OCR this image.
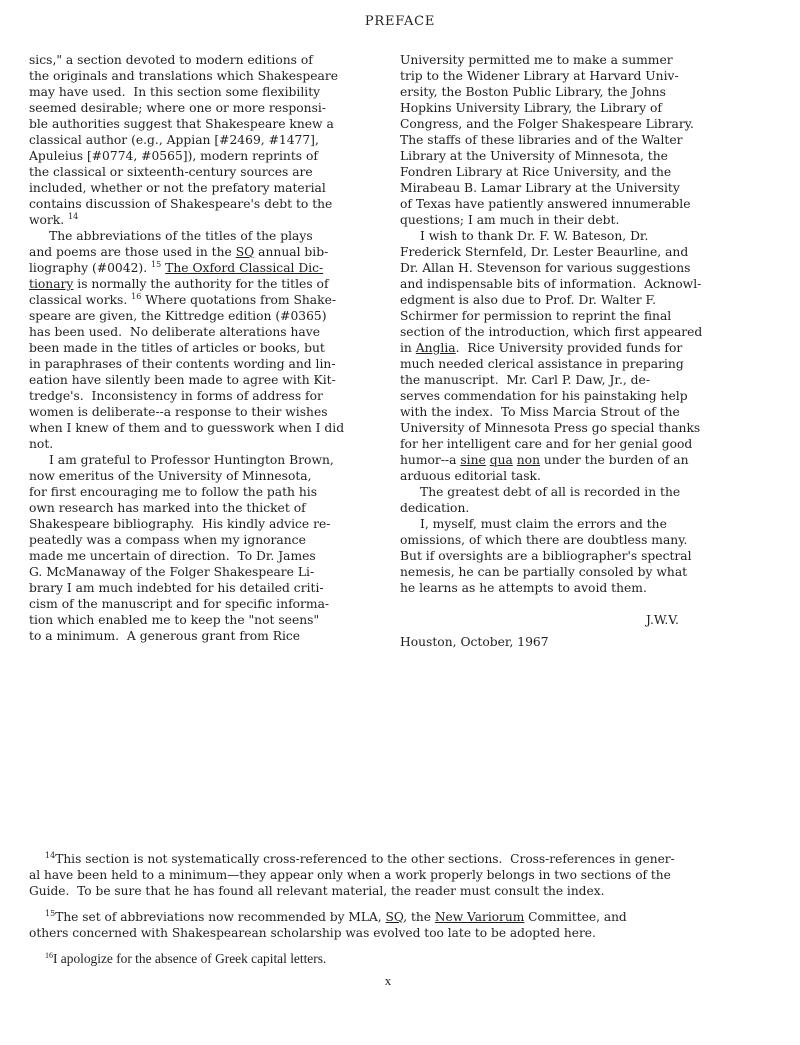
PREFACE
sics," a section devoted to modern editions of
the originals and translations which Shakespeare
may have used.  In this section some flexibility
seemed desirable; where one or more responsi-
ble authorities suggest that Shakespeare knew a
classical author (e.g., Appian [#2469, #1477],
Apuleius [#0774, #0565]), modern reprints of
the classical or sixteenth-century sources are
included, whether or not the prefatory material
contains discussion of Shakespeare's debt to the
work. $^{14}$
The abbreviations of the titles of the plays
and poems are those used in the SQ annual bib-
liography (#0042). $^{15}$ The Oxford Classical Dic-
tionary is normally the authority for the titles of
classical works. $^{16}$ Where quotations from Shake-
speare are given, the Kittredge edition (#0365)
has been used.  No deliberate alterations have
been made in the titles of articles or books, but
in paraphrases of their contents wording and lin-
eation have silently been made to agree with Kit-
tredge's.  Inconsistency in forms of address for
women is deliberate--a response to their wishes
when I knew of them and to guesswork when I did
not.
I am grateful to Professor Huntington Brown,
now emeritus of the University of Minnesota,
for first encouraging me to follow the path his
own research has marked into the thicket of
Shakespeare bibliography.  His kindly advice re-
peatedly was a compass when my ignorance
made me uncertain of direction.  To Dr. James
G. McManaway of the Folger Shakespeare Li-
brary I am much indebted for his detailed criti-
cism of the manuscript and for specific informa-
tion which enabled me to keep the "not seens"
to a minimum.  A generous grant from Rice
University permitted me to make a summer
trip to the Widener Library at Harvard Univ-
ersity, the Boston Public Library, the Johns
Hopkins University Library, the Library of
Congress, and the Folger Shakespeare Library.
The staffs of these libraries and of the Walter
Library at the University of Minnesota, the
Fondren Library at Rice University, and the
Mirabeau B. Lamar Library at the University
of Texas have patiently answered innumerable
questions; I am much in their debt.
I wish to thank Dr. F. W. Bateson, Dr.
Frederick Sternfeld, Dr. Lester Beaurline, and
Dr. Allan H. Stevenson for various suggestions
and indispensable bits of information.  Acknowl-
edgment is also due to Prof. Dr. Walter F.
Schirmer for permission to reprint the final
section of the introduction, which first appeared
in Anglia.  Rice University provided funds for
much needed clerical assistance in preparing
the manuscript.  Mr. Carl P. Daw, Jr., de-
serves commendation for his painstaking help
with the index.  To Miss Marcia Strout of the
University of Minnesota Press go special thanks
for her intelligent care and for her genial good
humor--a sine qua non under the burden of an
arduous editorial task.
The greatest debt of all is recorded in the
dedication.
I, myself, must claim the errors and the
omissions, of which there are doubtless many.
But if oversights are a bibliographer's spectral
nemesis, he can be partially consoled by what
he learns as he attempts to avoid them.
J.W.V.
Houston, October, 1967
$^{14}$This section is not systematically cross-referenced to the other sections.  Cross-references in gener-
al have been held to a minimum—they appear only when a work properly belongs in two sections of the
Guide.  To be sure that he has found all relevant material, the reader must consult the index.
$^{15}$The set of abbreviations now recommended by MLA, SQ, the New Variorum Committee, and
others concerned with Shakespearean scholarship was evolved too late to be adopted here.
$^{16}$I apologize for the absence of Greek capital letters.
x
